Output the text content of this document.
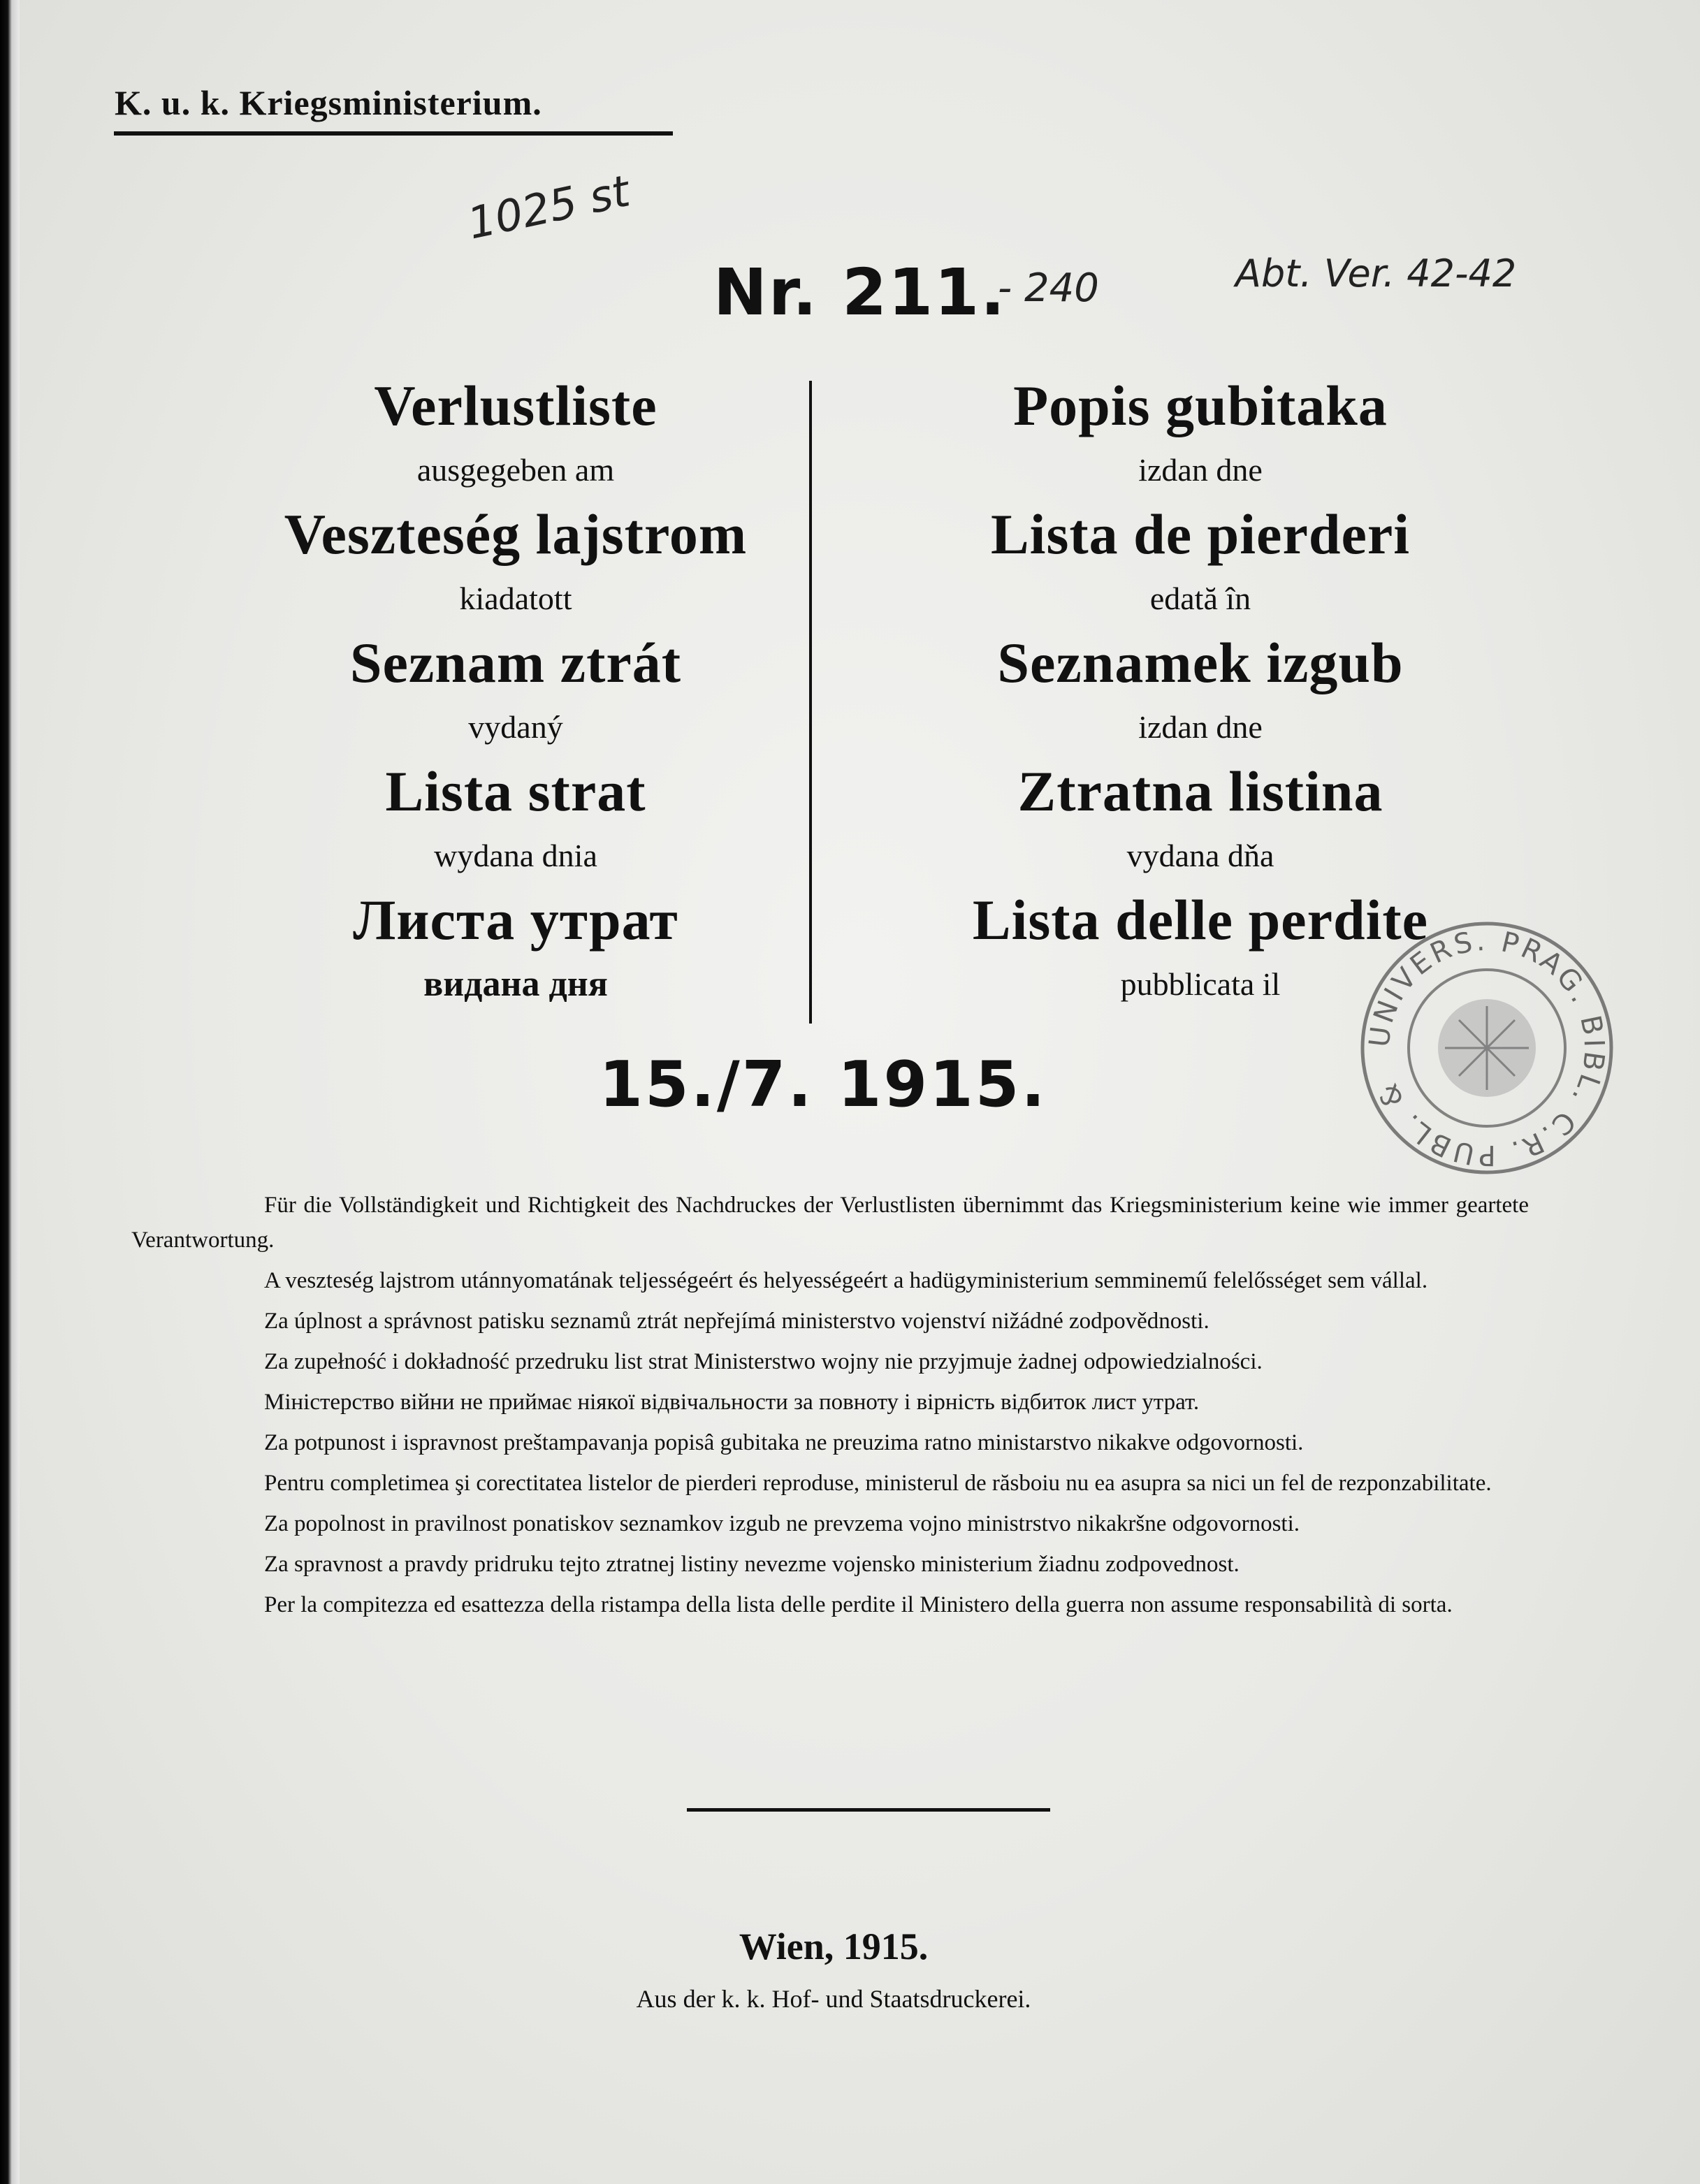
K. u. k. Kriegsministerium.
1025 st
- 240	Abt. Ver. 42-42
Nr. 211.
Verlustliste
ausgegeben am
Veszteség lajstrom
kiadatott
Seznam ztrát
vydaný
Lista strat
wydana dnia
Листа утрат
видана дня
Popis gubitaka
izdan dne
Lista de pierderi
edată în
Seznamek izgub
izdan dne
Ztratna listina
vydana dňa
Lista delle perdite
pubblicata il
UNIVERS. PRAG. BIBL. C.R. PUBL. &
15./7. 1915.

Für die Vollständigkeit und Richtigkeit des Nachdruckes der Verlustlisten übernimmt das Kriegsministerium keine wie immer geartete Verantwortung.

A veszteség lajstrom utánnyomatának teljességeért és helyességeért a hadügyministerium semminemű felelősséget sem vállal.

Za úplnost a správnost patisku seznamů ztrát nepřejímá ministerstvo vojenství nižádné zodpovědnosti.

Za zupełność i dokładność przedruku list strat Ministerstwo wojny nie przyjmuje żadnej odpowiedzialności.

Міністерство війни не приймає ніякої відвічальности за повноту і вірність відбиток лист утрат.

Za potpunost i ispravnost preštampavanja popisâ gubitaka ne preuzima ratno ministarstvo nikakve odgovornosti.

Pentru completimea şi corectitatea listelor de pierderi reproduse, ministerul de răsboiu nu ea asupra sa nici un fel de rezponzabilitate.

Za popolnost in pravilnost ponatiskov seznamkov izgub ne prevzema vojno ministrstvo nikakršne odgovornosti.

Za spravnost a pravdy pridruku tejto ztratnej listiny nevezme vojensko ministerium žiadnu zodpovednost.

Per la compitezza ed esattezza della ristampa della lista delle perdite il Ministero della guerra non assume responsabilità di sorta.

Wien, 1915.
Aus der k. k. Hof- und Staatsdruckerei.
